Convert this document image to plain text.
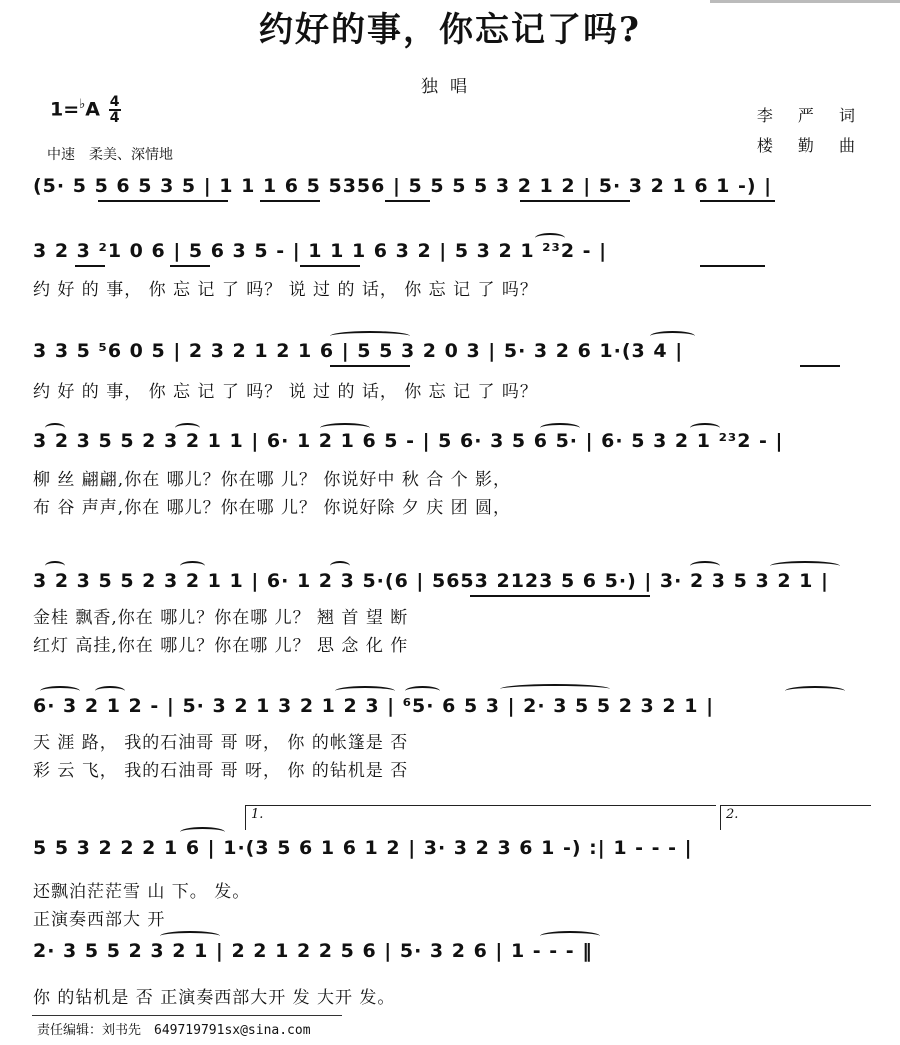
约好的事，你忘记了吗?
独唱
$1=^♭A \frac{4}{4}$
中速　柔美、深情地
李 严 词
楼 勤 曲
(5· 5 5 6 5 3 5 | 1 1 1 6 5 5356 | 5 5 5 5 3 2 1 2 | 5· 3 2 1 6 1 -) |
3 2 3 ²1 0 6 | 5 6 3 5 - | 1 1 1 6 3 2 | 5 3 2 1 ²³2 - |
约 好 的 事， 你 忘 记 了 吗？ 说 过 的 话， 你 忘 记 了 吗？
3 3 5 ⁵6 0 5 | 2 3 2 1 2 1 6 | 5 5 3 2 0 3 | 5· 3 2 6 1·(3 4 |
约 好 的 事， 你 忘 记 了 吗？ 说 过 的 话， 你 忘 记 了 吗？
3 2 3 5 5 2 3 2 1 1 | 6· 1 2 1 6 5 - | 5 6· 3 5 6 5· | 6· 5 3 2 1 ²³2 - |
柳 丝 翩翩,你在 哪儿？你在哪 儿？ 你说好中 秋 合 个 影，
布 谷 声声,你在 哪儿？你在哪 儿？ 你说好除 夕 庆 团 圆，
3 2 3 5 5 2 3 2 1 1 | 6· 1 2 3 5·(6 | 5653 2123 5 6 5·) | 3· 2 3 5 3 2 1 |
金桂 飘香,你在 哪儿？你在哪 儿？ 翘 首 望 断
红灯 高挂,你在 哪儿？你在哪 儿？ 思 念 化 作
6· 3 2 1 2 - | 5· 3 2 1 3 2 1 2 3 | ⁶5· 6 5 3 | 2· 3 5 5 2 3 2 1 |
天 涯 路， 我的石油哥 哥 呀， 你 的帐篷是 否
彩 云 飞， 我的石油哥 哥 呀， 你 的钻机是 否
1.	2.
5 5 3 2 2 2 1 6 | 1·(3 5 6 1 6 1 2 | 3· 3 2 3 6 1 -) :| 1 - - - |
还飘泊茫茫雪 山 下。 发。
正演奏西部大 开
2· 3 5 5 2 3 2 1 | 2 2 1 2 2 5 6 | 5· 3 2 6 | 1 - - - ‖
你 的钻机是 否 正演奏西部大开 发 大开 发。
责任编辑：刘书先　649719791sx@sina.com
